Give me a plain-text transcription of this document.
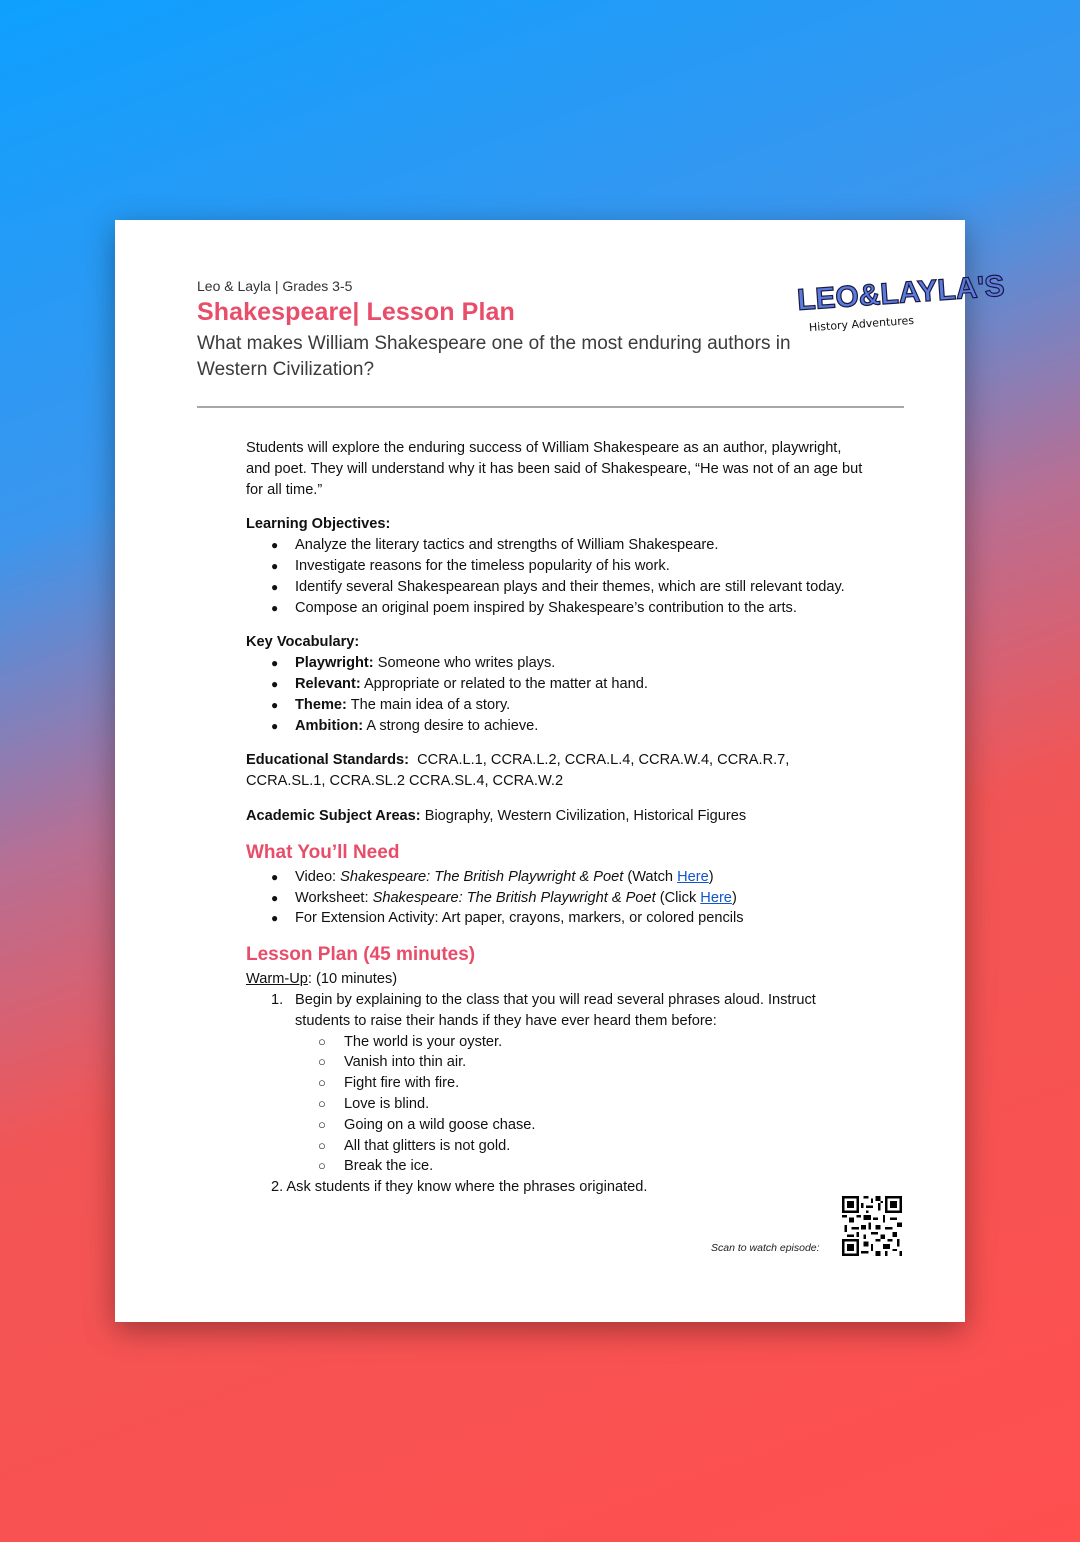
Leo & Layla | Grades 3-5
Shakespeare| Lesson Plan
What makes William Shakespeare one of the most enduring authors in Western Civilization?
LEO&LAYLA'S
History Adventures

Students will explore the enduring success of William Shakespeare as an author, playwright, and poet. They will understand why it has been said of Shakespeare, “He was not of an age but for all time.”

Learning Objectives:
● Analyze the literary tactics and strengths of William Shakespeare.
● Investigate reasons for the timeless popularity of his work.
● Identify several Shakespearean plays and their themes, which are still relevant today.
● Compose an original poem inspired by Shakespeare’s contribution to the arts.
Key Vocabulary:
● Playwright: Someone who writes plays.
● Relevant: Appropriate or related to the matter at hand.
● Theme: The main idea of a story.
● Ambition: A strong desire to achieve.

Educational Standards:  CCRA.L.1, CCRA.L.2, CCRA.L.4, CCRA.W.4, CCRA.R.7, CCRA.SL.1, CCRA.SL.2 CCRA.SL.4, CCRA.W.2

Academic Subject Areas: Biography, Western Civilization, Historical Figures

What You’ll Need
● Video: Shakespeare: The British Playwright & Poet (Watch Here)
● Worksheet: Shakespeare: The British Playwright & Poet (Click Here)
● For Extension Activity: Art paper, crayons, markers, or colored pencils
Lesson Plan (45 minutes)
Warm-Up: (10 minutes)
1. Begin by explaining to the class that you will read several phrases aloud. Instruct students to raise their hands if they have ever heard them before:
○ The world is your oyster.
○ Vanish into thin air.
○ Fight fire with fire.
○ Love is blind.
○ Going on a wild goose chase.
○ All that glitters is not gold.
○ Break the ice.
2. Ask students if they know where the phrases originated.
Scan to watch episode:
